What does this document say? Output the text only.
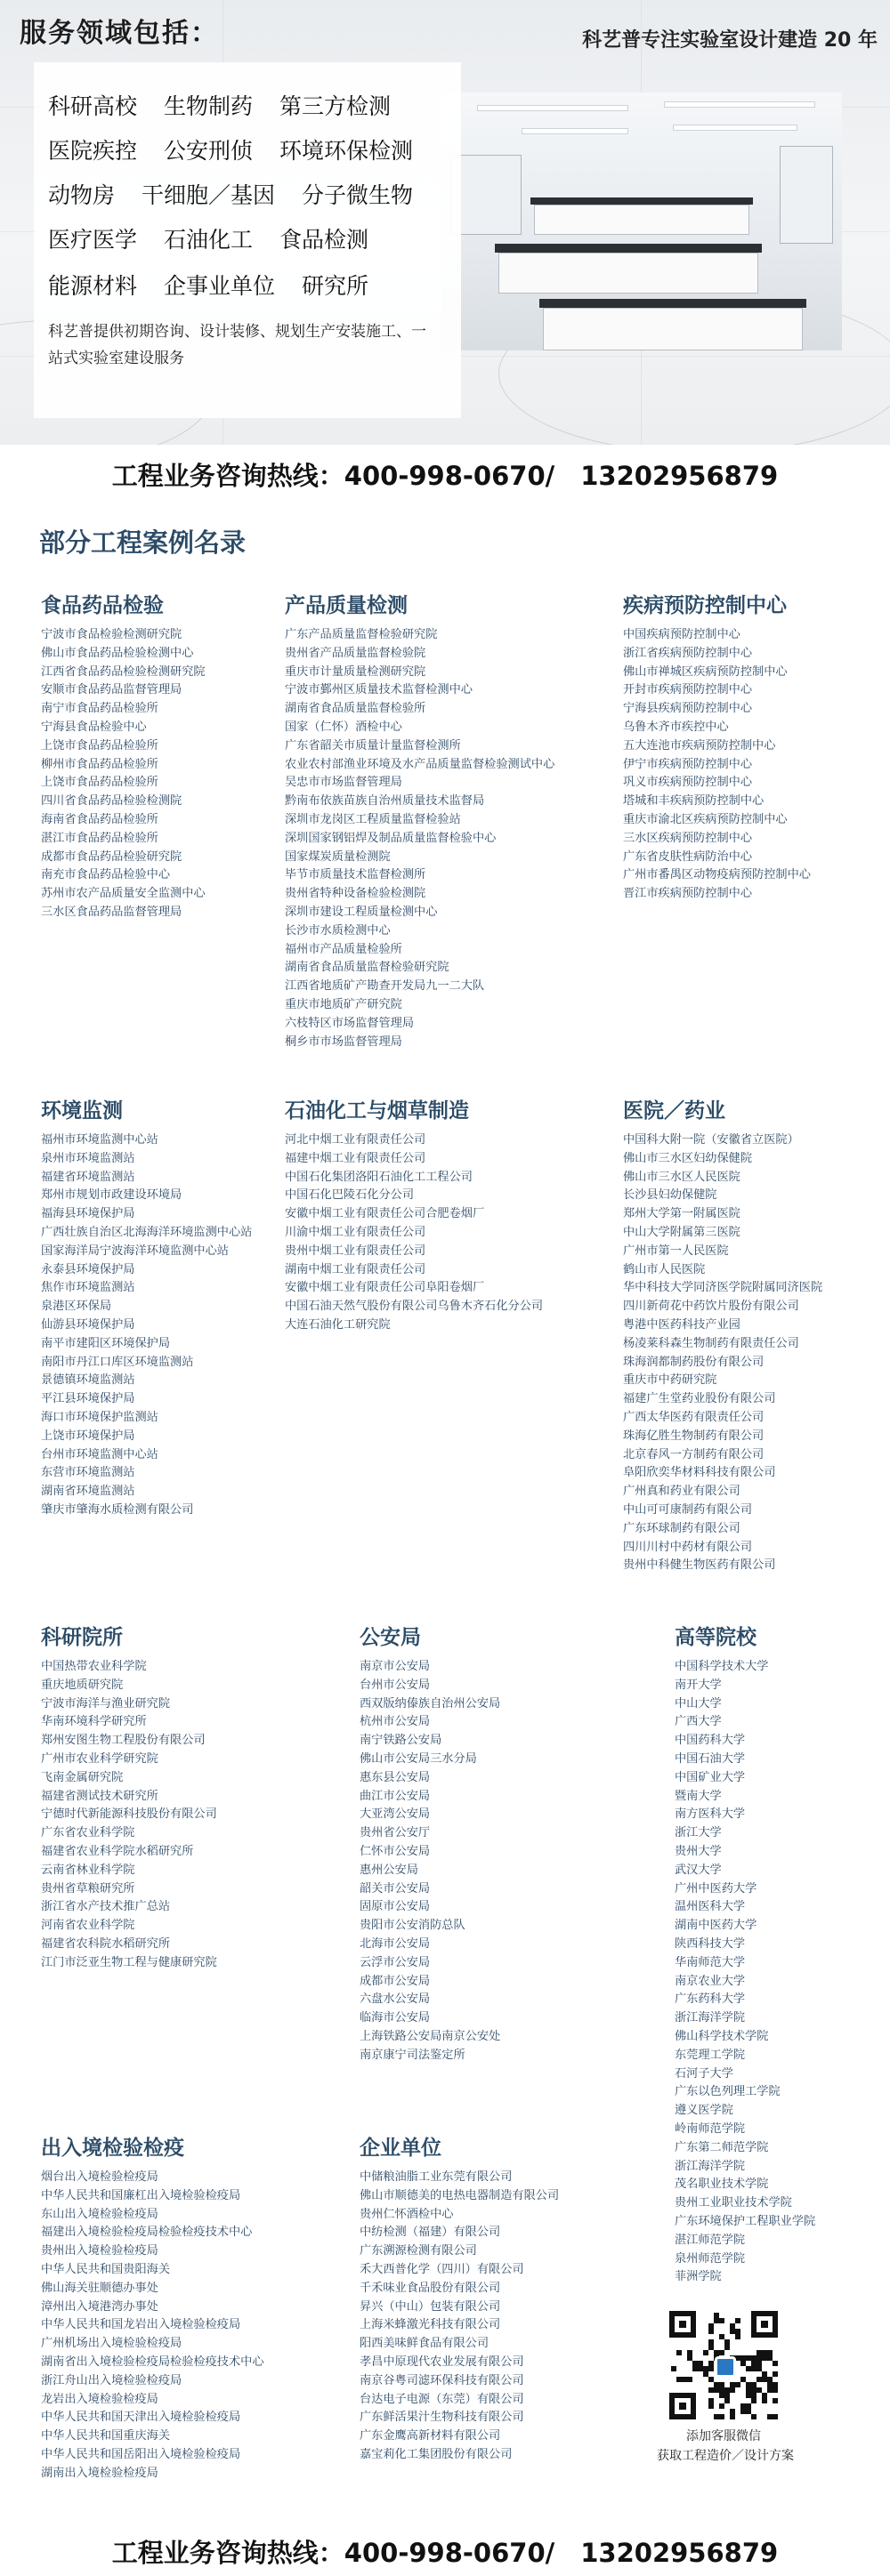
服务领域包括：	科艺普专注实验室设计建造 20 年
科研高校 生物制药 第三方检测
医院疾控 公安刑侦 环境环保检测
动物房 干细胞／基因 分子微生物
医疗医学 石油化工 食品检测
能源材料 企事业单位 研究所
科艺普提供初期咨询、设计装修、规划生产安装施工、一站式实验室建设服务
工程业务咨询热线：400-998-0670/　13202956879
部分工程案例名录
食品药品检验
宁波市食品检验检测研究院
佛山市食品药品检验检测中心
江西省食品药品检验检测研究院
安顺市食品药品监督管理局
南宁市食品药品检验所
宁海县食品检验中心
上饶市食品药品检验所
柳州市食品药品检验所
上饶市食品药品检验所
四川省食品药品检验检测院
海南省食品药品检验所
湛江市食品药品检验所
成都市食品药品检验研究院
南充市食品药品检验中心
苏州市农产品质量安全监测中心
三水区食品药品监督管理局
产品质量检测
广东产品质量监督检验研究院
贵州省产品质量监督检验院
重庆市计量质量检测研究院
宁波市鄞州区质量技术监督检测中心
湖南省食品质量监督检验所
国家（仁怀）酒检中心
广东省韶关市质量计量监督检测所
农业农村部渔业环境及水产品质量监督检验测试中心
吴忠市市场监督管理局
黔南布依族苗族自治州质量技术监督局
深圳市龙岗区工程质量监督检验站
深圳国家钢铝焊及制品质量监督检验中心
国家煤炭质量检测院
毕节市质量技术监督检测所
贵州省特种设备检验检测院
深圳市建设工程质量检测中心
长沙市水质检测中心
福州市产品质量检验所
湖南省食品质量监督检验研究院
江西省地质矿产勘查开发局九一二大队
重庆市地质矿产研究院
六枝特区市场监督管理局
桐乡市市场监督管理局
疾病预防控制中心
中国疾病预防控制中心
浙江省疾病预防控制中心
佛山市禅城区疾病预防控制中心
开封市疾病预防控制中心
宁海县疾病预防控制中心
乌鲁木齐市疾控中心
五大连池市疾病预防控制中心
伊宁市疾病预防控制中心
巩义市疾病预防控制中心
塔城和丰疾病预防控制中心
重庆市渝北区疾病预防控制中心
三水区疾病预防控制中心
广东省皮肤性病防治中心
广州市番禺区动物疫病预防控制中心
晋江市疾病预防控制中心
环境监测
福州市环境监测中心站
泉州市环境监测站
福建省环境监测站
郑州市规划市政建设环境局
福海县环境保护局
广西壮族自治区北海海洋环境监测中心站
国家海洋局宁波海洋环境监测中心站
永泰县环境保护局
焦作市环境监测站
泉港区环保局
仙游县环境保护局
南平市建阳区环境保护局
南阳市丹江口库区环境监测站
景德镇环境监测站
平江县环境保护局
海口市环境保护监测站
上饶市环境保护局
台州市环境监测中心站
东营市环境监测站
湖南省环境监测站
肇庆市肇海水质检测有限公司
石油化工与烟草制造
河北中烟工业有限责任公司
福建中烟工业有限责任公司
中国石化集团洛阳石油化工工程公司
中国石化巴陵石化分公司
安徽中烟工业有限责任公司合肥卷烟厂
川渝中烟工业有限责任公司
贵州中烟工业有限责任公司
湖南中烟工业有限责任公司
安徽中烟工业有限责任公司阜阳卷烟厂
中国石油天然气股份有限公司乌鲁木齐石化分公司
大连石油化工研究院
医院／药业
中国科大附一院（安徽省立医院）
佛山市三水区妇幼保健院
佛山市三水区人民医院
长沙县妇幼保健院
郑州大学第一附属医院
中山大学附属第三医院
广州市第一人民医院
鹤山市人民医院
华中科技大学同济医学院附属同济医院
四川新荷花中药饮片股份有限公司
粤港中医药科技产业园
杨凌莱科森生物制药有限责任公司
珠海润都制药股份有限公司
重庆市中药研究院
福建广生堂药业股份有限公司
广西太华医药有限责任公司
珠海亿胜生物制药有限公司
北京春风一方制药有限公司
阜阳欣奕华材料科技有限公司
广州真和药业有限公司
中山可可康制药有限公司
广东环球制药有限公司
四川川村中药材有限公司
贵州中科健生物医药有限公司
科研院所
中国热带农业科学院
重庆地质研究院
宁波市海洋与渔业研究院
华南环境科学研究所
郑州安图生物工程股份有限公司
广州市农业科学研究院
飞南金属研究院
福建省测试技术研究所
宁德时代新能源科技股份有限公司
广东省农业科学院
福建省农业科学院水稻研究所
云南省林业科学院
贵州省草粮研究所
浙江省水产技术推广总站
河南省农业科学院
福建省农科院水稻研究所
江门市泛亚生物工程与健康研究院
公安局
南京市公安局
台州市公安局
西双版纳傣族自治州公安局
杭州市公安局
南宁铁路公安局
佛山市公安局三水分局
惠东县公安局
曲江市公安局
大亚湾公安局
贵州省公安厅
仁怀市公安局
惠州公安局
韶关市公安局
固原市公安局
贵阳市公安消防总队
北海市公安局
云浮市公安局
成都市公安局
六盘水公安局
临海市公安局
上海铁路公安局南京公安处
南京康宁司法鉴定所
高等院校
中国科学技术大学
南开大学
中山大学
广西大学
中国药科大学
中国石油大学
中国矿业大学
暨南大学
南方医科大学
浙江大学
贵州大学
武汉大学
广州中医药大学
温州医科大学
湖南中医药大学
陕西科技大学
华南师范大学
南京农业大学
广东药科大学
浙江海洋学院
佛山科学技术学院
东莞理工学院
石河子大学
广东以色列理工学院
遵义医学院
岭南师范学院
广东第二师范学院
浙江海洋学院
茂名职业技术学院
贵州工业职业技术学院
广东环境保护工程职业学院
湛江师范学院
泉州师范学院
菲洲学院
出入境检验检疫
烟台出入境检验检疫局
中华人民共和国廉杠出入境检验检疫局
东山出入境检验检疫局
福建出入境检验检疫局检验检疫技术中心
贵州出入境检验检疫局
中华人民共和国贵阳海关
佛山海关驻顺德办事处
漳州出入境港湾办事处
中华人民共和国龙岩出入境检验检疫局
广州机场出入境检验检疫局
湖南省出入境检验检疫局检验检疫技术中心
浙江舟山出入境检验检疫局
龙岩出入境检验检疫局
中华人民共和国天津出入境检验检疫局
中华人民共和国重庆海关
中华人民共和国岳阳出入境检验检疫局
湖南出入境检验检疫局
企业单位
中储粮油脂工业东莞有限公司
佛山市顺德美的电热电器制造有限公司
贵州仁怀酒检中心
中纺检测（福建）有限公司
广东溯源检测有限公司
禾大西普化学（四川）有限公司
千禾味业食品股份有限公司
昇兴（中山）包装有限公司
上海米蜂激光科技有限公司
阳西美味鲜食品有限公司
孝昌中原现代农业发展有限公司
南京谷粤司滤环保科技有限公司
台达电子电源（东莞）有限公司
广东鲜活果汁生物科技有限公司
广东金鹰高新材料有限公司
嘉宝莉化工集团股份有限公司
添加客服微信
获取工程造价／设计方案
工程业务咨询热线：400-998-0670/　13202956879
